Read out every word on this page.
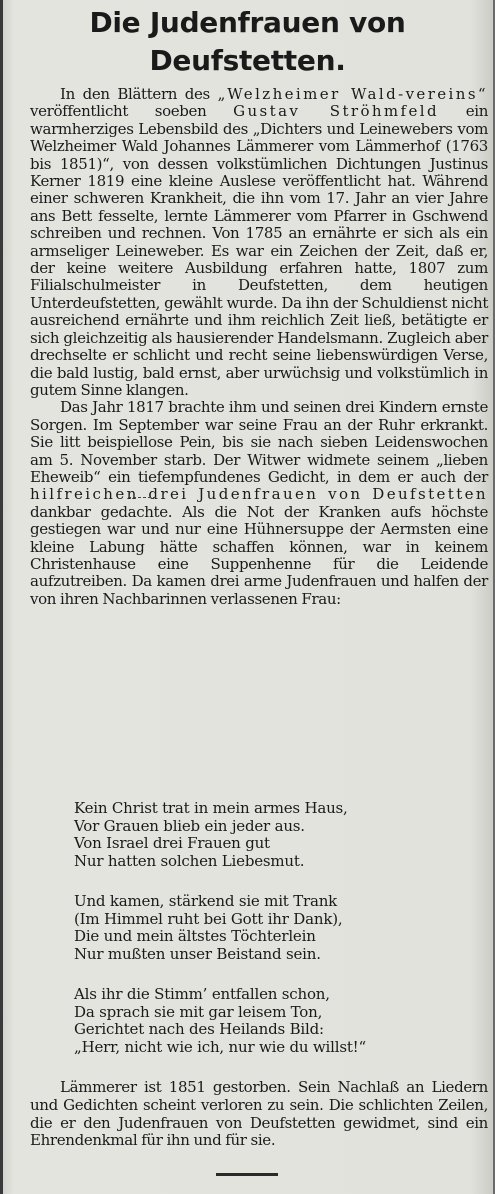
Die Judenfrauen von
Deufstetten.

In den Blättern des „Welzheimer Wald-vereins“ veröffentlicht soeben Gustav Ströhmfeld ein warmherziges Lebensbild des „Dichters und Leinewebers vom Welzheimer Wald Johannes Lämmerer vom Lämmerhof (1763 bis 1851)“, von dessen volkstümlichen Dichtungen Justinus Kerner 1819 eine kleine Auslese veröffentlicht hat. Während einer schweren Krankheit, die ihn vom 17. Jahr an vier Jahre ans Bett fesselte, lernte Lämmerer vom Pfarrer in Gschwend schreiben und rechnen. Von 1785 an ernährte er sich als ein armseliger Leineweber. Es war ein Zeichen der Zeit, daß er, der keine weitere Ausbildung erfahren hatte, 1807 zum Filialschulmeister in Deufstetten, dem heutigen Unterdeufstetten, gewählt wurde. Da ihn der Schuldienst nicht ausreichend ernährte und ihm reichlich Zeit ließ, betätigte er sich gleichzeitig als hausierender Handelsmann. Zugleich aber drechselte er schlicht und recht seine liebenswürdigen Verse, die bald lustig, bald ernst, aber urwüchsig und volkstümlich in gutem Sinne klangen.

Das Jahr 1817 brachte ihm und seinen drei Kindern ernste Sorgen. Im September war seine Frau an der Ruhr erkrankt. Sie litt beispiellose Pein, bis sie nach sieben Leidenswochen am 5. November starb. Der Witwer widmete seinem „lieben Eheweib“ ein tiefempfundenes Gedicht, in dem er auch der hilfreichen drei Judenfrauen von Deufstetten dankbar gedachte. Als die Not der Kranken aufs höchste gestiegen war und nur eine Hühnersuppe der Aermsten eine kleine Labung hätte schaffen können, war in keinem Christenhause eine Suppenhenne für die Leidende aufzutreiben. Da kamen drei arme Judenfrauen und halfen der von ihren Nachbarinnen verlassenen Frau:

Kein Christ trat in mein armes Haus,
Vor Grauen blieb ein jeder aus.
Von Israel drei Frauen gut
Nur hatten solchen Liebesmut.
Und kamen, stärkend sie mit Trank
(Im Himmel ruht bei Gott ihr Dank),
Die und mein ältstes Töchterlein
Nur mußten unser Beistand sein.
Als ihr die Stimm’ entfallen schon,
Da sprach sie mit gar leisem Ton,
Gerichtet nach des Heilands Bild:
„Herr, nicht wie ich, nur wie du willst!“

Lämmerer ist 1851 gestorben. Sein Nachlaß an Liedern und Gedichten scheint verloren zu sein. Die schlichten Zeilen, die er den Judenfrauen von Deufstetten gewidmet, sind ein Ehrendenkmal für ihn und für sie.
